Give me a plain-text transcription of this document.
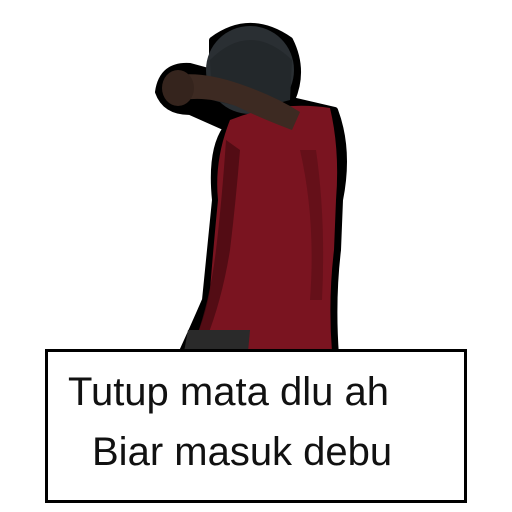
Tutup mata dlu ah
Biar masuk debu
